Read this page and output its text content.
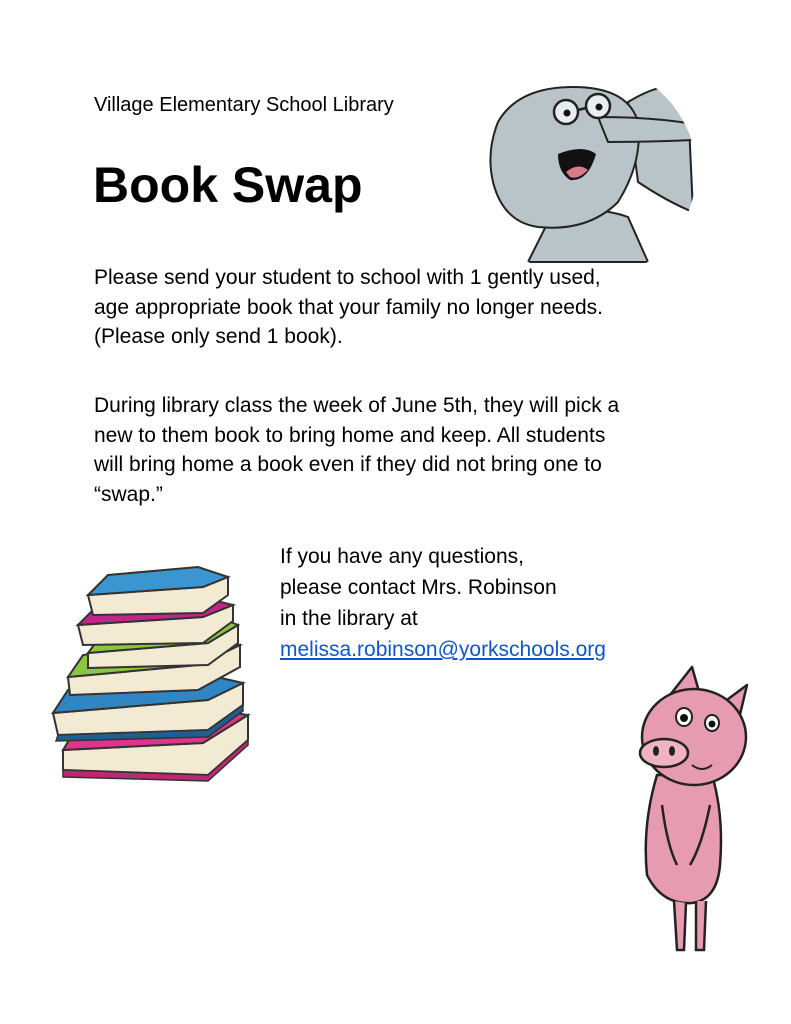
Village Elementary School Library
Book Swap
Please send your student to school with 1 gently used,
age appropriate book that your family no longer needs.
(Please only send 1 book).
During library class the week of June 5th, they will pick a
new to them book to bring home and keep. All students
will bring home a book even if they did not bring one to
“swap.”
If you have any questions,
please contact Mrs. Robinson
in the library at
melissa.robinson@yorkschools.org
